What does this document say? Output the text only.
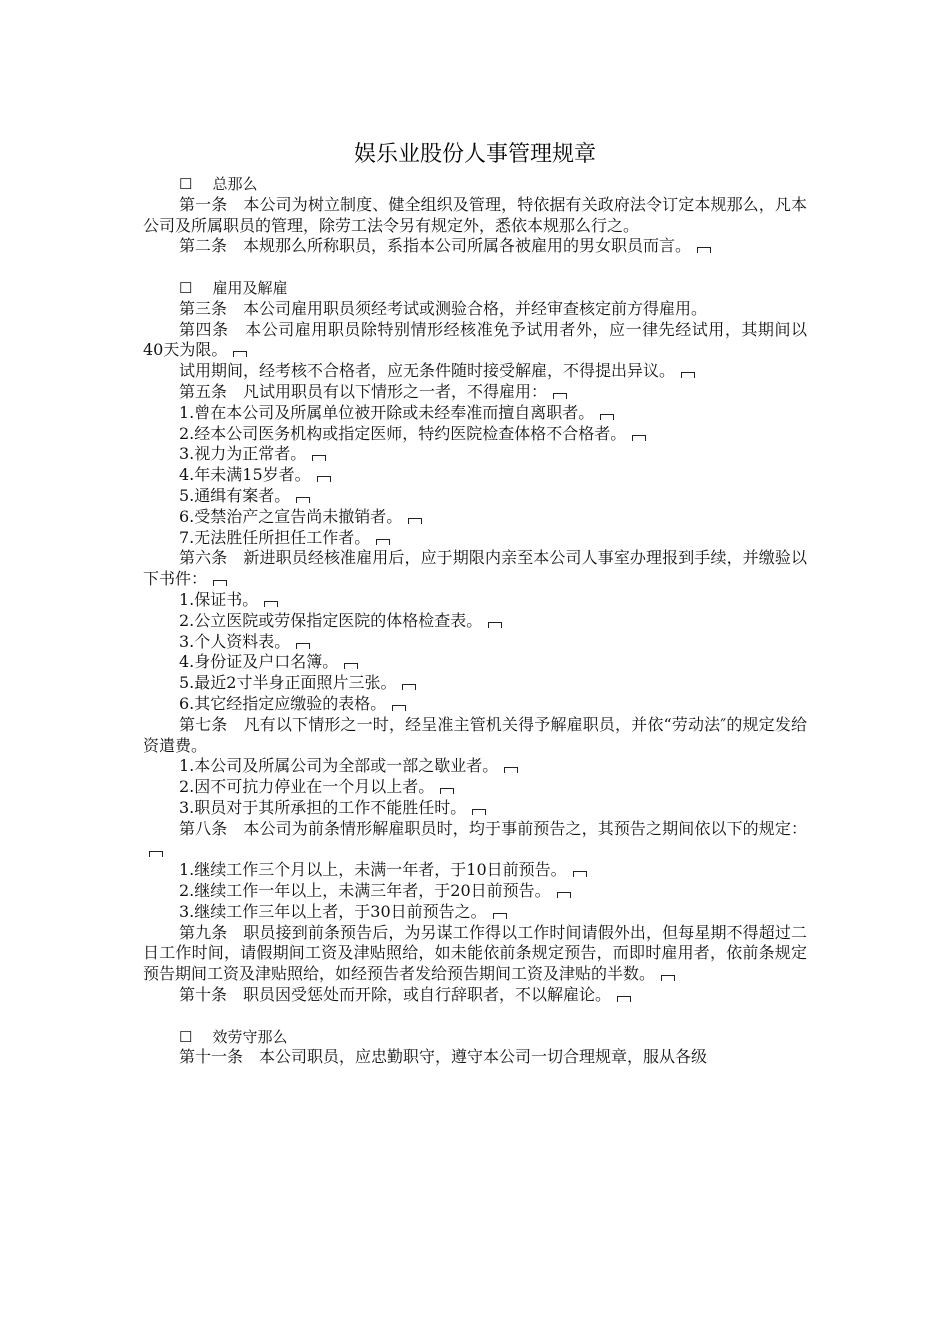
娱乐业股份人事管理规章
☐ 总那么
第一条　本公司为树立制度、健全组织及管理，特依据有关政府法令订定本规那么，凡本公司及所属职员的管理，除劳工法令另有规定外，悉依本规那么行之。
第二条　本规那么所称职员，系指本公司所属各被雇用的男女职员而言。
☐ 雇用及解雇
第三条　本公司雇用职员须经考试或测验合格，并经审查核定前方得雇用。
第四条　本公司雇用职员除特别情形经核准免予试用者外，应一律先经试用，其期间以40天为限。
试用期间，经考核不合格者，应无条件随时接受解雇，不得提出异议。
第五条　凡试用职员有以下情形之一者，不得雇用：
1.曾在本公司及所属单位被开除或未经奉准而擅自离职者。
2.经本公司医务机构或指定医师，特约医院检查体格不合格者。
3.视力为正常者。
4.年未满15岁者。
5.通缉有案者。
6.受禁治产之宣告尚未撤销者。
7.无法胜任所担任工作者。
第六条　新进职员经核准雇用后，应于期限内亲至本公司人事室办理报到手续，并缴验以下书件：
1.保证书。
2.公立医院或劳保指定医院的体格检查表。
3.个人资料表。
4.身份证及户口名簿。
5.最近2寸半身正面照片三张。
6.其它经指定应缴验的表格。
第七条　凡有以下情形之一时，经呈准主管机关得予解雇职员，并依“劳动法″的规定发给资遣费。
1.本公司及所属公司为全部或一部之歇业者。
2.因不可抗力停业在一个月以上者。
3.职员对于其所承担的工作不能胜任时。
第八条　本公司为前条情形解雇职员时，均于事前预告之，其预告之期间依以下的规定：
1.继续工作三个月以上，未满一年者，于10日前预告。
2.继续工作一年以上，未满三年者，于20日前预告。
3.继续工作三年以上者，于30日前预告之。
第九条　职员接到前条预告后，为另谋工作得以工作时间请假外出，但每星期不得超过二日工作时间，请假期间工资及津贴照给，如未能依前条规定预告，而即时雇用者，依前条规定预告期间工资及津贴照给，如经预告者发给预告期间工资及津贴的半数。
第十条　职员因受惩处而开除，或自行辞职者，不以解雇论。
☐ 效劳守那么
第十一条　本公司职员，应忠勤职守，遵守本公司一切合理规章，服从各级
